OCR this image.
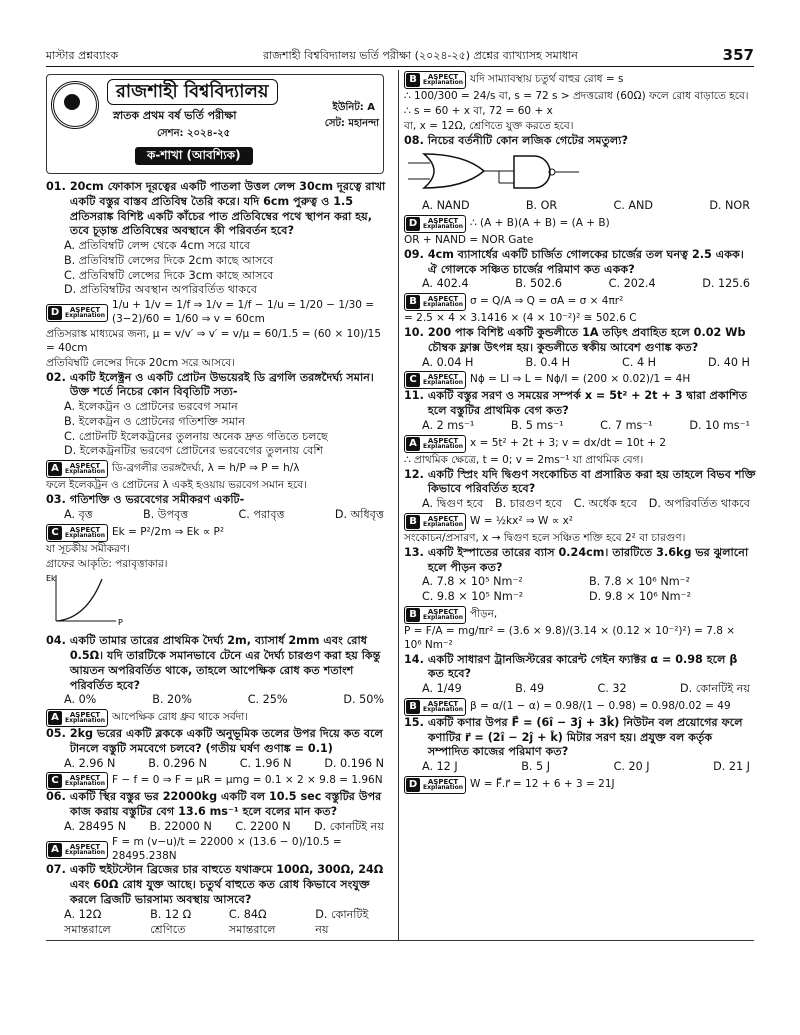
মাস্টার প্রশ্নব্যাংক	রাজশাহী বিশ্ববিদ্যালয় ভর্তি পরীক্ষা (২০২৪-২৫) প্রশ্নের ব্যাখ্যাসহ সমাধান	357
রাজশাহী বিশ্ববিদ্যালয়
স্নাতক প্রথম বর্ষ ভর্তি পরীক্ষা
সেশন: ২০২৪-২৫
ইউনিট: A
সেট: মহানন্দা
ক-শাখা (আবশ্যিক)
01. 20cm ফোকাস দূরত্বের একটি পাতলা উত্তল লেন্স 30cm দূরত্বে রাখা একটি বস্তুর বাস্তব প্রতিবিম্ব তৈরি করে। যদি 6cm পুরুত্ব ও 1.5 প্রতিসরাঙ্ক বিশিষ্ট একটি কাঁচের পাত প্রতিবিম্বের পথে স্থাপন করা হয়, তবে চূড়ান্ত প্রতিবিম্বের অবস্থানে কী পরিবর্তন হবে?
A. প্রতিবিম্বটি লেন্স থেকে 4cm সরে যাবে
B. প্রতিবিম্বটি লেন্সের দিকে 2cm কাছে আসবে
C. প্রতিবিম্বটি লেন্সের দিকে 3cm কাছে আসবে
D. প্রতিবিম্বটির অবস্থান অপরিবর্তিত থাকবে
D	ASPECT
Explanation
1/u + 1/v = 1/f ⇒ 1/v = 1/f − 1/u = 1/20 − 1/30 = (3−2)/60 = 1/60 ⇒ v = 60cm
প্রতিসরাঙ্ক মাধ্যমের জন্য, μ = v/v′ ⇒ v′ = v/μ = 60/1.5 = (60 × 10)/15 = 40cm
প্রতিবিম্বটি লেন্সের দিকে 20cm সরে আসবে।
02. একটি ইলেক্ট্রন ও একটি প্রোটন উভয়েরই ডি ব্রগলি তরঙ্গদৈর্ঘ্য সমান। উক্ত শর্তে নিচের কোন বিবৃতিটি সত্য-
A. ইলেকট্রন ও প্রোটনের ভরবেগ সমান
B. ইলেকট্রন ও প্রোটনের গতিশক্তি সমান
C. প্রোটনটি ইলেকট্রনের তুলনায় অনেক দ্রুত গতিতে চলছে
D. ইলেকট্রনটির ভরবেগ প্রোটনের ভরবেগের তুলনায় বেশি
A	ASPECT
Explanation ডি-ব্রগলীর তরঙ্গদৈর্ঘ্য, λ = h/P ⇒ P = h/λ
ফলে ইলেকট্রন ও প্রোটনের λ একই হওয়ায় ভরবেগ সমান হবে।
03. গতিশক্তি ও ভরবেগের সমীকরণ একটি-
A. বৃত্ত	B. উপবৃত্ত	C. পরাবৃত্ত	D. অধিবৃত্ত
C	ASPECT
Explanation Ek = P²/2m ⇒ Ek ∝ P²
যা সূচকীয় সমীকরণ।
গ্রাফের আকৃতি: পরাবৃত্তাকার।
Ek
P
04. একটি তামার তারের প্রাথমিক দৈর্ঘ্য 2m, ব্যাসার্ধ 2mm এবং রোধ 0.5Ω। যদি তারটিকে সমানভাবে টেনে এর দৈর্ঘ্য চারগুণ করা হয় কিন্তু আয়তন অপরিবর্তিত থাকে, তাহলে আপেক্ষিক রোধ কত শতাংশ পরিবর্তিত হবে?
A. 0%	B. 20%	C. 25%	D. 50%
A	ASPECT
Explanation আপেক্ষিক রোধ ধ্রুব থাকে সর্বদা।
05. 2kg ভরের একটি ব্লককে একটি অনুভূমিক তলের উপর দিয়ে কত বলে টানলে বস্তুটি সমবেগে চলবে? (গতীয় ঘর্ষণ গুণাঙ্ক = 0.1)
A. 2.96 N	B. 0.296 N	C. 1.96 N	D. 0.196 N
C	ASPECT
Explanation F − f = 0 ⇒ F = μR = μmg = 0.1 × 2 × 9.8 = 1.96N
06. একটি স্থির বস্তুর ভর 22000kg একটি বল 10.5 sec বস্তুটির উপর কাজ করায় বস্তুটির বেগ 13.6 ms⁻¹ হলে বলের মান কত?
A. 28495 N B. 22000 N C. 2200 N D. কোনটিই নয়
A	ASPECT
Explanation
F = m (v−u)/t = 22000 × (13.6 − 0)/10.5 = 28495.238N
07. একটি হুইটস্টোন ব্রিজের চার বাহুতে যথাক্রমে 100Ω, 300Ω, 24Ω এবং 60Ω রোধ যুক্ত আছে। চতুর্থ বাহুতে কত রোধ কিভাবে সংযুক্ত করলে ব্রিজটি ভারসাম্য অবস্থায় আসবে?
A. 12Ω সমান্তরালে
B. 12 Ω শ্রেণিতে
C. 84Ω সমান্তরালে
D. কোনটিই নয়
B	ASPECT
Explanation যদি সাম্যাবস্থায় চতুর্থ বাহুর রোধ = s
∴ 100/300 = 24/s বা, s = 72 s > প্রদত্তরোধ (60Ω) ফলে রোধ বাড়াতে হবে।
∴ s = 60 + x বা, 72 = 60 + x
বা, x = 12Ω, শ্রেণিতে যুক্ত করতে হবে।
08. নিচের বর্তনীটি কোন লজিক গেটের সমতুল্য?
A. NAND	B. OR	C. AND	D. NOR
D	ASPECT
Explanation ∴ (A + B)(A + B) = (A + B)
OR + NAND = NOR Gate
09. 4cm ব্যাসার্ধের একটি চার্জিত গোলকের চার্জের তল ঘনত্ব 2.5 একক। ঐ গোলকে সঞ্চিত চার্জের পরিমাণ কত একক?
A. 402.4	B. 502.6	C. 202.4	D. 125.6
B	ASPECT
Explanation σ = Q/A ⇒ Q = σA = σ × 4πr²
= 2.5 × 4 × 3.1416 × (4 × 10⁻²)² ≅ 502.6 C
10. 200 পাক বিশিষ্ট একটি কুন্ডলীতে 1A তড়িৎ প্রবাহিত হলে 0.02 Wb চৌম্বক ফ্লাক্স উৎপন্ন হয়। কুন্ডলীতে স্বকীয় আবেশ গুণাঙ্ক কত?
A. 0.04 H	B. 0.4 H	C. 4 H	D. 40 H
C	ASPECT
Explanation Nϕ = LI ⇒ L = Nϕ/I = (200 × 0.02)/1 = 4H
11. একটি বস্তুর সরণ ও সময়ের সম্পর্ক x = 5t² + 2t + 3 দ্বারা প্রকাশিত হলে বস্তুটির প্রাথমিক বেগ কত?
A. 2 ms⁻¹	B. 5 ms⁻¹	C. 7 ms⁻¹	D. 10 ms⁻¹
A	ASPECT
Explanation x = 5t² + 2t + 3; v = dx/dt = 10t + 2
∴ প্রাথমিক ক্ষেত্রে, t = 0; v = 2ms⁻¹ যা প্রাথমিক বেগ।
12. একটি স্প্রিং যদি দ্বিগুণ সংকোচিত বা প্রসারিত করা হয় তাহলে বিভব শক্তি কিভাবে পরিবর্তিত হবে?
A. দ্বিগুণ হবে B. চারগুণ হবে C. অর্ধেক হবে D. অপরিবর্তিত থাকবে
B	ASPECT
Explanation W = ½kx² ⇒ W ∝ x²
সংকোচন/প্রসারণ, x → দ্বিগুণ হলে সঞ্চিত শক্তি হবে 2² বা চারগুণ।
13. একটি ইস্পাতের তারের ব্যাস 0.24cm। তারটিতে 3.6kg ভর ঝুলানো হলে পীড়ন কত?
A. 7.8 × 10⁵ Nm⁻²	B. 7.8 × 10⁶ Nm⁻²
C. 9.8 × 10⁵ Nm⁻²	D. 9.8 × 10⁶ Nm⁻²
B	ASPECT
Explanation পীড়ন,
P = F/A = mg/πr² = (3.6 × 9.8)/(3.14 × (0.12 × 10⁻²)²) = 7.8 × 10⁶ Nm⁻²
14. একটি সাধারণ ট্রানজিস্টরের কারেন্ট গেইন ফ্যাক্টর α = 0.98 হলে β কত হবে?
A. 1/49	B. 49	C. 32	D. কোনটিই নয়
B	ASPECT
Explanation β = α/(1 − α) = 0.98/(1 − 0.98) = 0.98/0.02 = 49
15. একটি কণার উপর F⃗ = (6î − 3ĵ + 3k̂) নিউটন বল প্রয়োগের ফলে কণাটির r⃗ = (2î − 2ĵ + k̂) মিটার সরণ হয়। প্রযুক্ত বল কর্তৃক সম্পাদিত কাজের পরিমাণ কত?
A. 12 J	B. 5 J	C. 20 J	D. 21 J
D	ASPECT
Explanation W = F⃗.r⃗ = 12 + 6 + 3 = 21J
